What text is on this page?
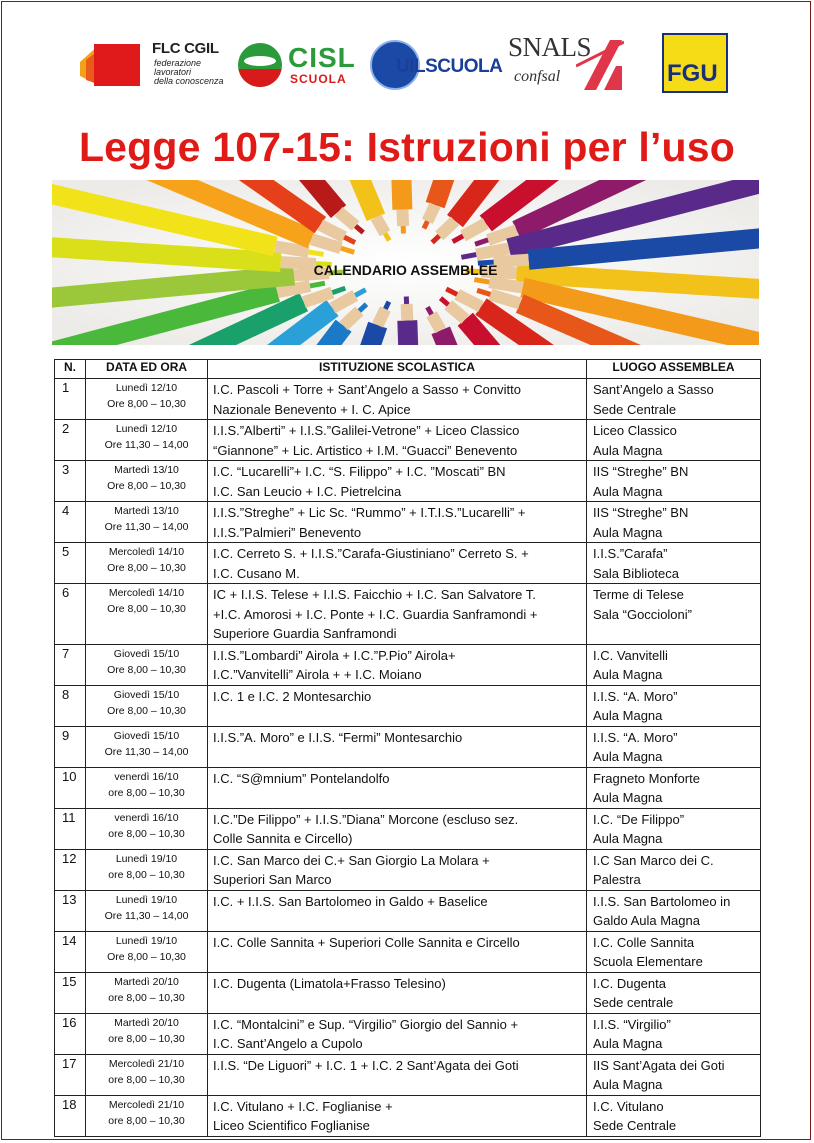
FLC CGIL
federazione
lavoratori
della conoscenza
CISL
SCUOLA
UILSCUOLA
SNALS
confsal	FGU
Legge 107-15: Istruzioni per l’uso
CALENDARIO ASSEMBLEE
N.	DATA ED ORA	ISTITUZIONE SCOLASTICA	LUOGO ASSEMBLEA
1	Lunedì 12/10
Ore 8,00 – 10,30	I.C. Pascoli + Torre + Sant’Angelo a Sasso + Convitto
Nazionale Benevento + I. C. Apice	Sant’Angelo a Sasso
Sede Centrale

2	Lunedì 12/10
Ore 11,30 – 14,00	I.I.S.”Alberti” + I.I.S.”Galilei-Vetrone” + Liceo Classico
“Giannone” + Lic. Artistico + I.M. “Guacci” Benevento	Liceo Classico
Aula Magna

3	Martedì 13/10
Ore 8,00 – 10,30	I.C. “Lucarelli”+ I.C. “S. Filippo” + I.C. ”Moscati” BN
I.C. San Leucio + I.C. Pietrelcina	IIS “Streghe” BN
Aula Magna

4	Martedì 13/10
Ore 11,30 – 14,00	I.I.S.”Streghe” + Lic Sc. “Rummo” + I.T.I.S.”Lucarelli” +
I.I.S.”Palmieri” Benevento	IIS “Streghe” BN
Aula Magna

5	Mercoledì 14/10
Ore 8,00 – 10,30	I.C. Cerreto S. + I.I.S.”Carafa-Giustiniano” Cerreto S. +
I.C. Cusano M.	I.I.S.”Carafa”
Sala Biblioteca

6	Mercoledì 14/10
Ore 8,00 – 10,30	IC + I.I.S. Telese + I.I.S. Faicchio + I.C. San Salvatore T.
+I.C. Amorosi + I.C. Ponte + I.C. Guardia Sanframondi +
Superiore Guardia Sanframondi	Terme di Telese
Sala “Goccioloni”

7	Giovedì 15/10
Ore 8,00 – 10,30	I.I.S.”Lombardi” Airola + I.C.”P.Pio” Airola+
I.C.”Vanvitelli” Airola + + I.C. Moiano	I.C. Vanvitelli
Aula Magna

8	Giovedì 15/10
Ore 8,00 – 10,30	I.C. 1 e I.C. 2 Montesarchio	I.I.S. “A. Moro”
Aula Magna

9	Giovedì 15/10
Ore 11,30 – 14,00	I.I.S.”A. Moro” e I.I.S. “Fermi” Montesarchio	I.I.S. “A. Moro”
Aula Magna

10	venerdì 16/10
ore 8,00 – 10,30	I.C. “S@mnium” Pontelandolfo	Fragneto Monforte
Aula Magna

11	venerdì 16/10
ore 8,00 – 10,30	I.C.”De Filippo” + I.I.S.”Diana” Morcone (escluso sez.
Colle Sannita e Circello)	I.C. “De Filippo”
Aula Magna

12	Lunedì 19/10
ore 8,00 – 10,30	I.C. San Marco dei C.+ San Giorgio La Molara +
Superiori San Marco	I.C San Marco dei C.
Palestra

13	Lunedì 19/10
Ore 11,30 – 14,00	I.C. + I.I.S. San Bartolomeo in Galdo + Baselice	I.I.S. San Bartolomeo in
Galdo Aula Magna

14	Lunedì 19/10
Ore 8,00 – 10,30	I.C. Colle Sannita + Superiori Colle Sannita e Circello	I.C. Colle Sannita
Scuola Elementare

15	Martedì 20/10
ore 8,00 – 10,30	I.C. Dugenta (Limatola+Frasso Telesino)	I.C. Dugenta
Sede centrale

16	Martedì 20/10
ore 8,00 – 10,30	I.C. “Montalcini” e Sup. “Virgilio” Giorgio del Sannio +
I.C. Sant’Angelo a Cupolo	I.I.S. “Virgilio”
Aula Magna

17	Mercoledì 21/10
ore 8,00 – 10,30	I.I.S. “De Liguori” + I.C. 1 + I.C. 2 Sant’Agata dei Goti	IIS Sant’Agata dei Goti
Aula Magna

18	Mercoledì 21/10
ore 8,00 – 10,30	I.C. Vitulano + I.C. Foglianise +
Liceo Scientifico Foglianise	I.C. Vitulano
Sede Centrale
